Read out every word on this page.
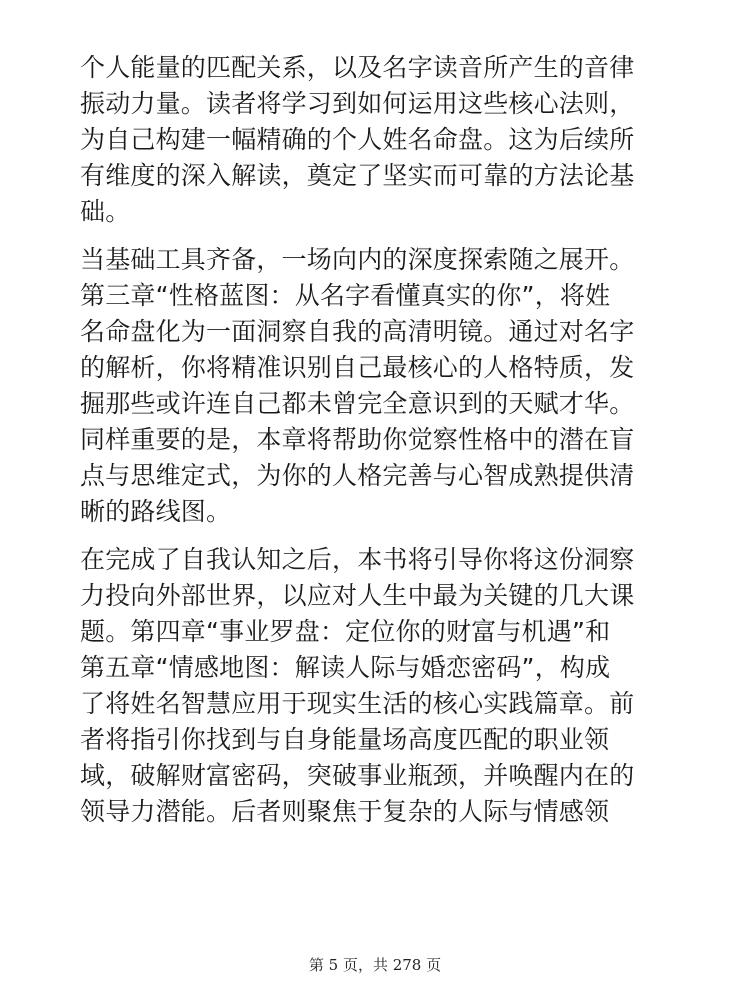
个人能量的匹配关系，以及名字读音所产生的音律
振动力量。读者将学习到如何运用这些核心法则，
为自己构建一幅精确的个人姓名命盘。这为后续所
有维度的深入解读，奠定了坚实而可靠的方法论基
础。
当基础工具齐备，一场向内的深度探索随之展开。
第三章“性格蓝图：从名字看懂真实的你”，将姓
名命盘化为一面洞察自我的高清明镜。通过对名字
的解析，你将精准识别自己最核心的人格特质，发
掘那些或许连自己都未曾完全意识到的天赋才华。
同样重要的是，本章将帮助你觉察性格中的潜在盲
点与思维定式，为你的人格完善与心智成熟提供清
晰的路线图。
在完成了自我认知之后，本书将引导你将这份洞察
力投向外部世界，以应对人生中最为关键的几大课
题。第四章“事业罗盘：定位你的财富与机遇”和
第五章“情感地图：解读人际与婚恋密码”，构成
了将姓名智慧应用于现实生活的核心实践篇章。前
者将指引你找到与自身能量场高度匹配的职业领
域，破解财富密码，突破事业瓶颈，并唤醒内在的
领导力潜能。后者则聚焦于复杂的人际与情感领
第 5 页，共 278 页
